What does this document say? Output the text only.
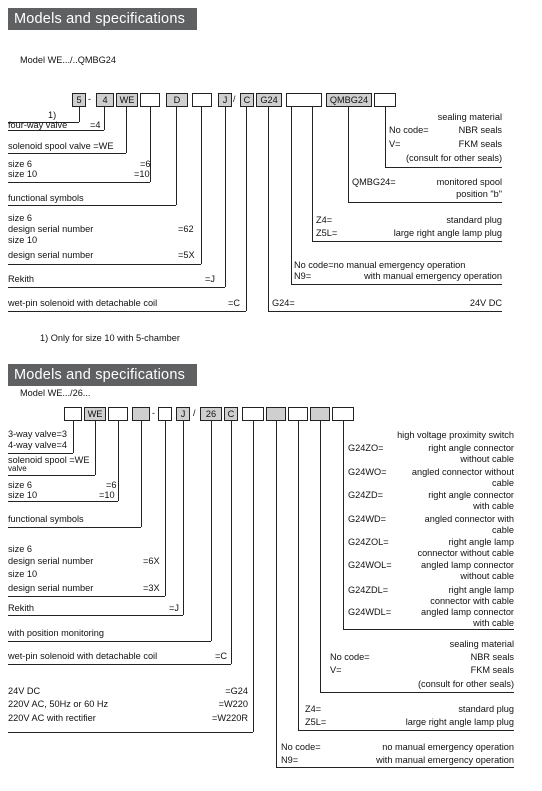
Models and specifications
Model WE.../..QMBG24
5 -	4	WE	D	J / C	G24	QMBG24
1)
four-way valve =4
solenoid spool valve =WE
size 6	=6
size 10	=10
functional symbols
size 6
design serial number	=62
size 10
design serial number	=5X
Rekith	=J
wet-pin solenoid with detachable coil	=C	G24=	24V DC
sealing material
No code=	NBR seals
V=	FKM seals
(consult for other seals)
QMBG24=	monitored spool
position "b"
Z4=	standard plug
Z5L=	large right angle lamp plug
No code=no manual emergency operation
N9=	with manual emergency operation
1) Only for size 10 with 5-chamber
Models and specifications
Model WE.../26...
WE	-	J /	26	C
3-way valve=3
4-way valve=4
solenoid spool =WE
valve
size 6	=6
size 10	=10
functional symbols
size 6
design serial number	=6X
size 10
design serial number	=3X
Rekith	=J
with position monitoring
wet-pin solenoid with detachable coil	=C
24V DC	=G24
220V AC, 50Hz or 60 Hz	=W220
220V AC with rectifier	=W220R
high voltage proximity switch
G24ZO=	right angle connector
without cable
G24WO=	angled connector without
cable
G24ZD=	right angle connector
with cable
G24WD=	angled connector with
cable
G24ZOL=	right angle lamp
connector without cable
G24WOL=	angled lamp connector
without cable
G24ZDL=	right angle lamp
connector with cable
G24WDL=	angled lamp connector
with cable
sealing material
No code=	NBR seals
V=	FKM seals
(consult for other seals)
Z4=	standard plug
Z5L=	large right angle lamp plug
No code=	no manual emergency operation
N9=	with manual emergency operation
